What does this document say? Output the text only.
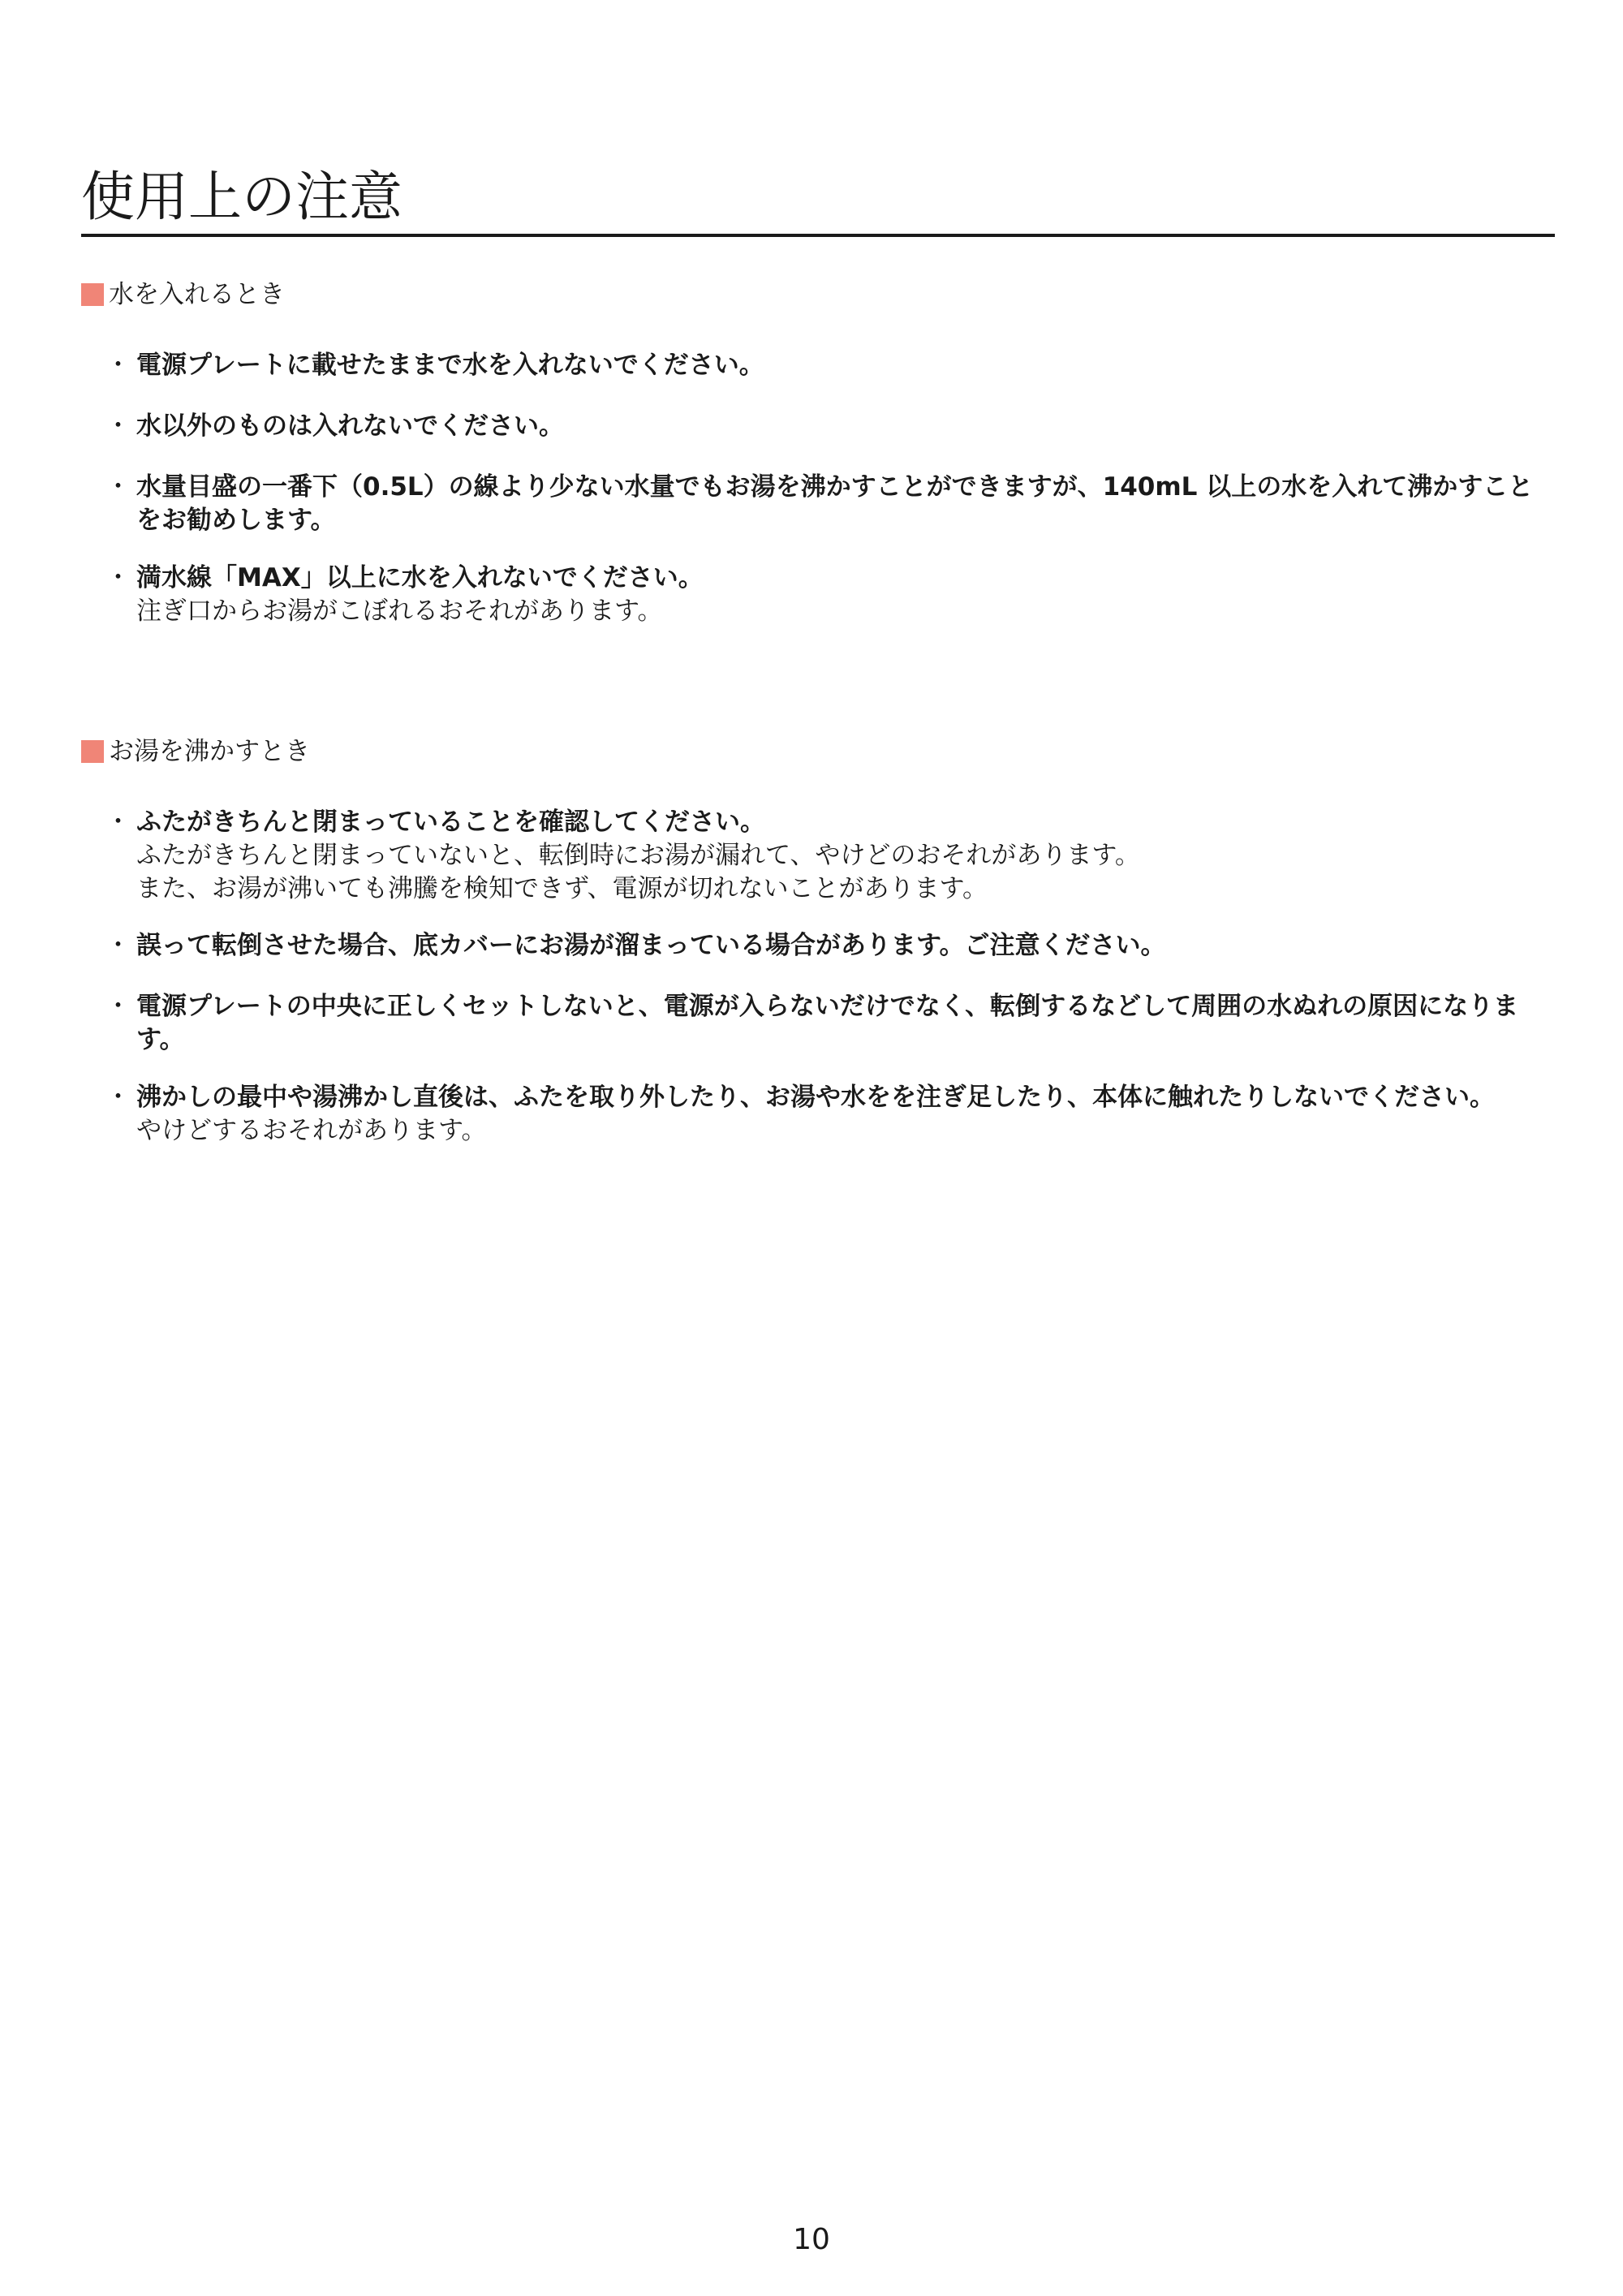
使用上の注意
水を入れるとき
・ 電源プレートに載せたままで水を入れないでください。
・ 水以外のものは入れないでください。
・ 水量目盛の一番下（0.5L）の線より少ない水量でもお湯を沸かすことができますが、140mL 以上の水を入れて沸かすことをお勧めします。
・ 満水線「MAX」以上に水を入れないでください。
注ぎ口からお湯がこぼれるおそれがあります。
お湯を沸かすとき
・ ふたがきちんと閉まっていることを確認してください。
ふたがきちんと閉まっていないと、転倒時にお湯が漏れて、やけどのおそれがあります。
また、お湯が沸いても沸騰を検知できず、電源が切れないことがあります。
・ 誤って転倒させた場合、底カバーにお湯が溜まっている場合があります。ご注意ください。
・ 電源プレートの中央に正しくセットしないと、電源が入らないだけでなく、転倒するなどして周囲の水ぬれの原因になります。
・ 沸かしの最中や湯沸かし直後は、ふたを取り外したり、お湯や水をを注ぎ足したり、本体に触れたりしないでください。
やけどするおそれがあります。
10
